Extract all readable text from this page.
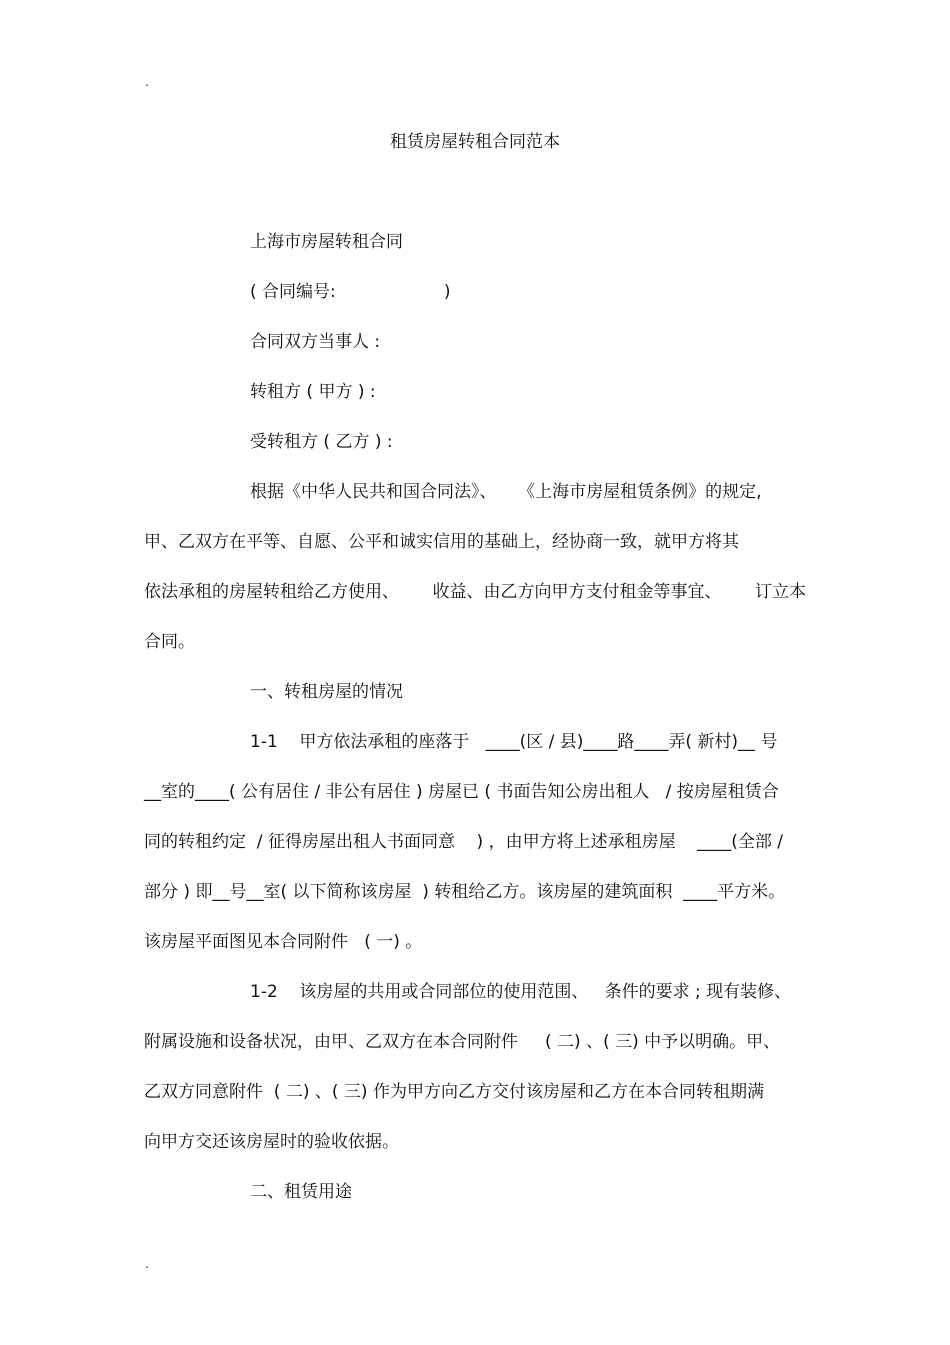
.
租赁房屋转租合同范本
上海市房屋转租合同
( 合同编号:                    )
合同双方当事人 :
转租方 ( 甲方 ) :
受转租方 ( 乙方 ) :
根据《中华人民共和国合同法》、    《上海市房屋租赁条例》的规定,
甲、乙双方在平等、自愿、公平和诚实信用的基础上，经协商一致，就甲方将其
依法承租的房屋转租给乙方使用、 收益、由乙方向甲方支付租金等事宜、 订立本
合同。
一、转租房屋的情况
1-1    甲方依法承租的座落于   ____(区 / 县)____路____弄( 新村)__ 号
__室的____( 公有居住 / 非公有居住 ) 房屋已 ( 书面告知公房出租人   / 按房屋租赁合
同的转租约定  / 征得房屋出租人书面同意    ) ，由甲方将上述承租房屋    ____(全部 /
部分 ) 即__号__室( 以下简称该房屋  ) 转租给乙方。该房屋的建筑面积  ____平方米。
该房屋平面图见本合同附件   ( 一) 。
1-2    该房屋的共用或合同部位的使用范围、   条件的要求 ; 现有装修、
附属设施和设备状况，由甲、乙双方在本合同附件     ( 二) 、( 三) 中予以明确。甲、
乙双方同意附件  ( 二) 、( 三) 作为甲方向乙方交付该房屋和乙方在本合同转租期满
向甲方交还该房屋时的验收依据。
二、租赁用途
.
